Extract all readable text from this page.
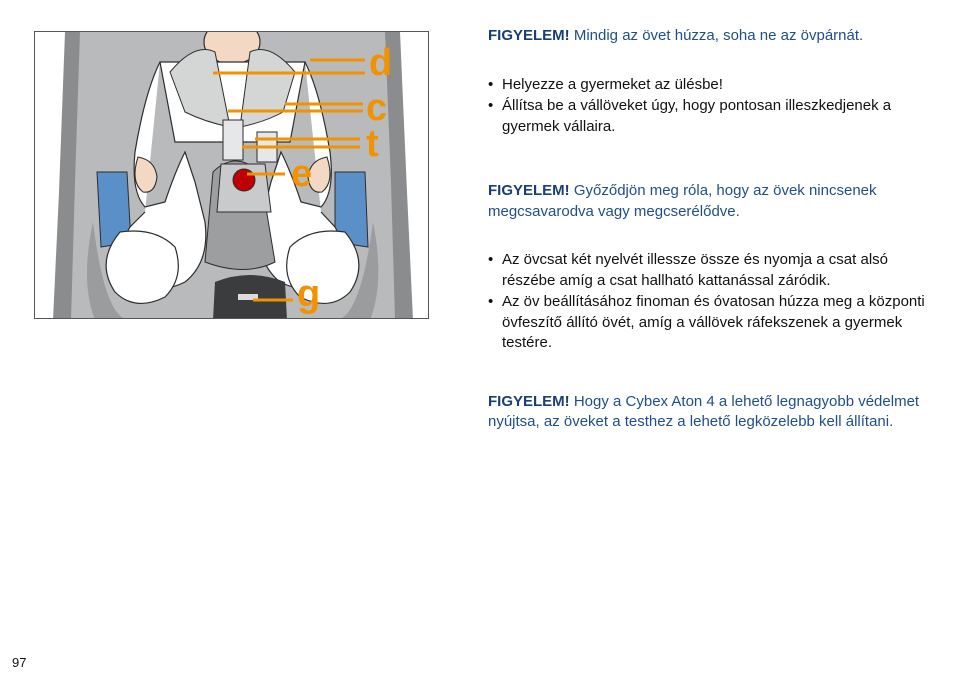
d
c
t
e
g

FIGYELEM! Mindig az övet húzza, soha ne az övpárnát.

• Helyezze a gyermeket az ülésbe!
• Állítsa be a vállöveket úgy, hogy pontosan illeszkedjenek a gyermek vállaira.

FIGYELEM! Győződjön meg róla, hogy az övek nincsenek megcsavarodva vagy megcserélődve.

• Az övcsat két nyelvét illessze össze és nyomja a csat alsó részébe amíg a csat hallható kattanással záródik.
• Az öv beállításához finoman és óvatosan húzza meg a központi övfeszítő állító övét, amíg a vállövek ráfekszenek a gyermek testére.

FIGYELEM! Hogy a Cybex Aton 4 a lehető legnagyobb védelmet nyújtsa, az öveket a testhez a lehető legközelebb kell állítani.

97
